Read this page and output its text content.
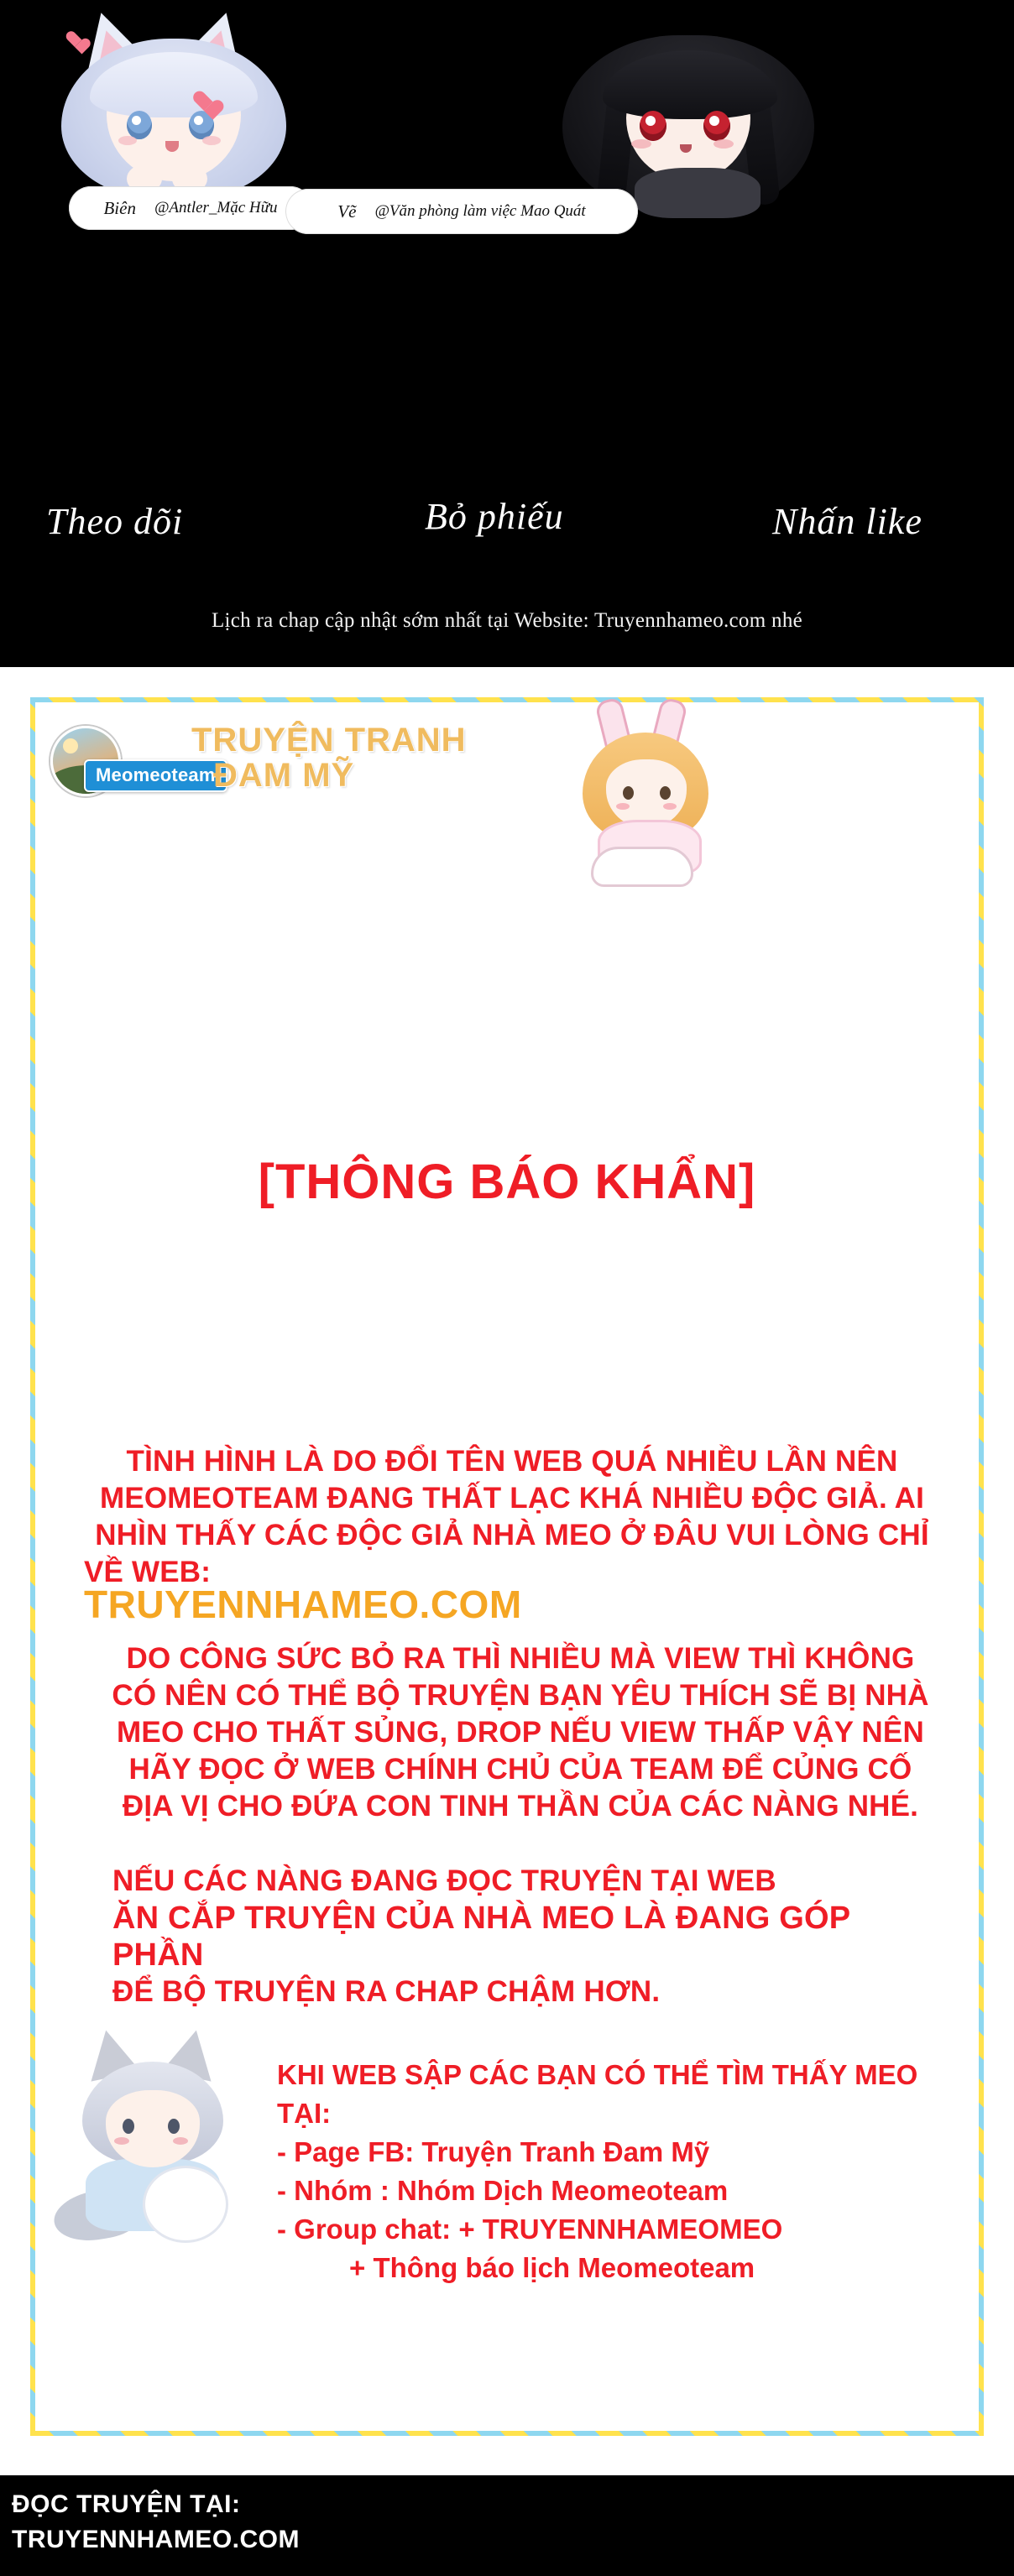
Biên @Antler_Mặc Hữu	Vẽ @Văn phòng làm việc Mao Quát
Theo dõi	Bỏ phiếu	Nhấn like
Lịch ra chap cập nhật sớm nhất tại Website: Truyennhameo.com nhé
Meomeoteam
TRUYỆN TRANH
ĐAM MỸ
[THÔNG BÁO KHẨN]
TÌNH HÌNH LÀ DO ĐỔI TÊN WEB QUÁ NHIỀU LẦN NÊN
MEOMEOTEAM ĐANG THẤT LẠC KHÁ NHIỀU ĐỘC GIẢ. AI
NHÌN THẤY CÁC ĐỘC GIẢ NHÀ MEO Ở ĐÂU VUI LÒNG CHỈ
VỀ WEB:
TRUYENNHAMEO.COM
DO CÔNG SỨC BỎ RA THÌ NHIỀU MÀ VIEW THÌ KHÔNG
CÓ NÊN CÓ THỂ BỘ TRUYỆN BẠN YÊU THÍCH SẼ BỊ NHÀ
MEO CHO THẤT SỦNG, DROP NẾU VIEW THẤP VẬY NÊN
HÃY ĐỌC Ở WEB CHÍNH CHỦ CỦA TEAM ĐỂ CỦNG CỐ
ĐỊA VỊ CHO ĐỨA CON TINH THẦN CỦA CÁC NÀNG NHÉ.
NẾU CÁC NÀNG ĐANG ĐỌC TRUYỆN TẠI WEB
ĂN CẮP TRUYỆN CỦA NHÀ MEO LÀ ĐANG GÓP PHẦN
ĐỂ BỘ TRUYỆN RA CHAP CHẬM HƠN.
KHI WEB SẬP CÁC BẠN CÓ THỂ TÌM THẤY MEO
TẠI:
- Page FB: Truyện Tranh Đam Mỹ
- Nhóm : Nhóm Dịch Meomeoteam
- Group chat: + TRUYENNHAMEOMEO
+ Thông báo lịch Meomeoteam
ĐỌC TRUYỆN TẠI:
TRUYENNHAMEO.COM
